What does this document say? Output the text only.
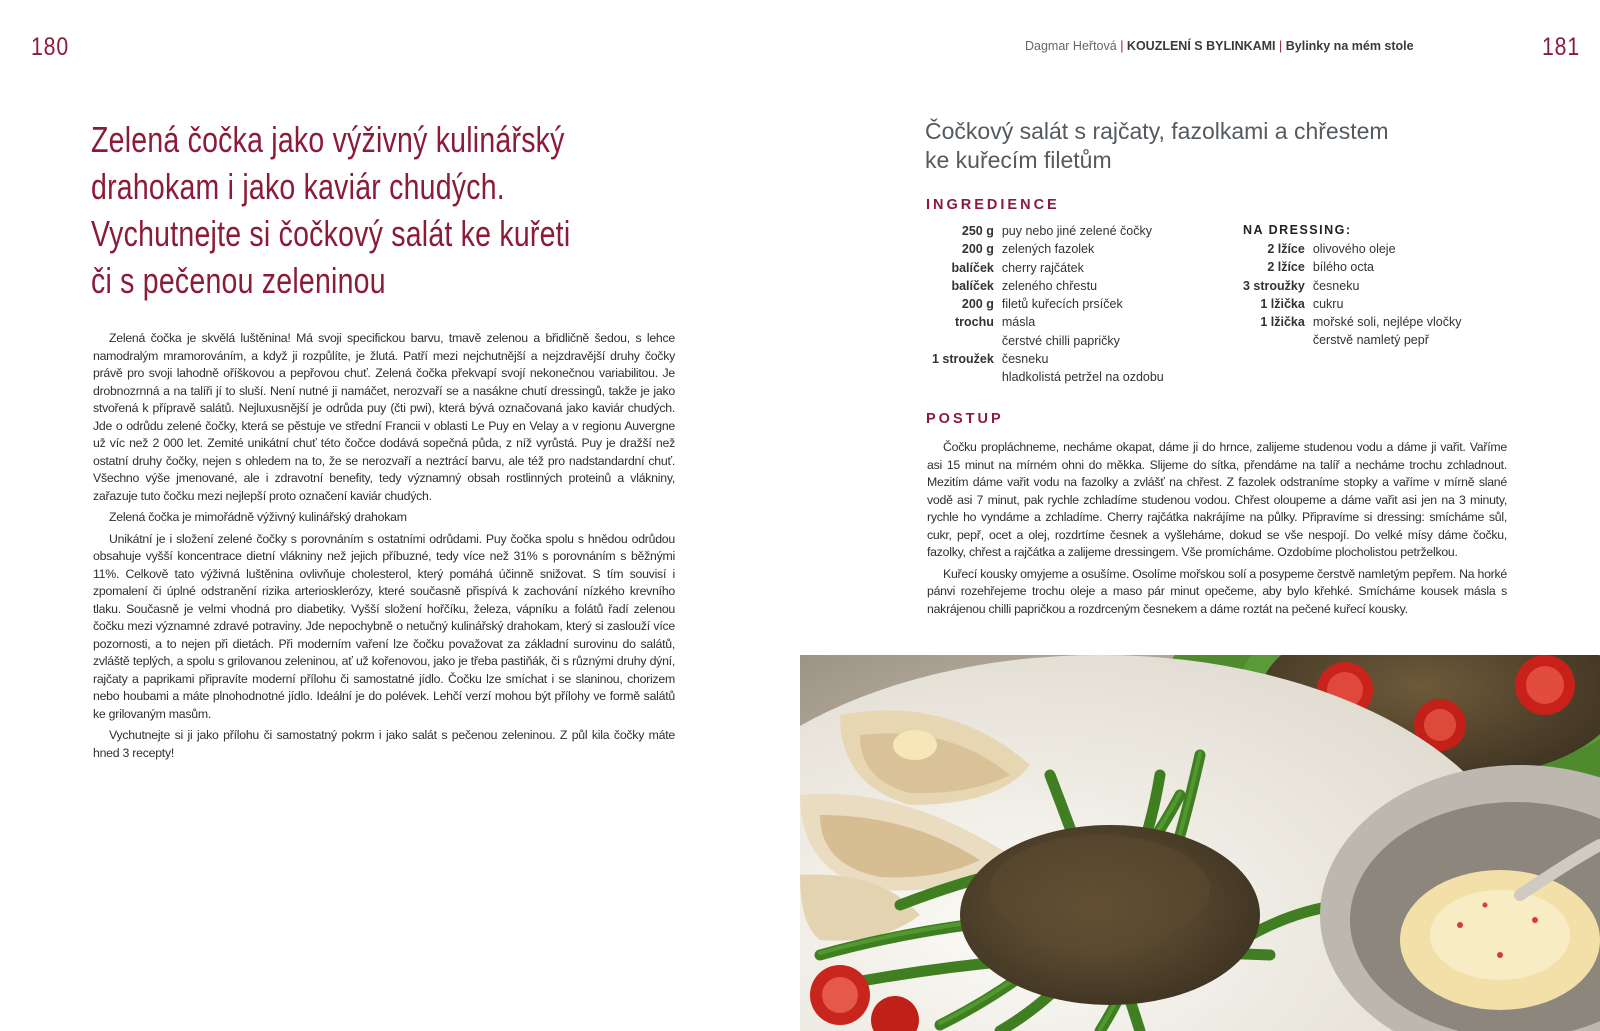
180	181
Dagmar Heřtová | KOUZLENÍ S BYLINKAMI | Bylinky na mém stole
Zelená čočka jako výživný kulinářský
drahokam i jako kaviár chudých.
Vychutnejte si čočkový salát ke kuřeti
či s pečenou zeleninou

Zelená čočka je skvělá luštěnina! Má svoji specifickou barvu, tmavě zelenou a břidličně šedou, s lehce namodralým mramorováním, a když ji rozpůlíte, je žlutá. Patří mezi nejchutnější a nejzdravější druhy čočky právě pro svoji lahodně oříškovou a pepřovou chuť. Zelená čočka překvapí svojí nekonečnou variabilitou. Je drobnozrnná a na talíři jí to sluší. Není nutné ji namáčet, nerozvaří se a nasákne chutí dressingů, takže je jako stvořená k přípravě salátů. Nejluxusnější je odrůda puy (čti pwi), která bývá označovaná jako kaviár chudých. Jde o odrůdu zelené čočky, která se pěstuje ve střední Francii v oblasti Le Puy en Velay a v regionu Auvergne už víc než 2 000 let. Zemité unikátní chuť této čočce dodává sopečná půda, z níž vyrůstá. Puy je dražší než ostatní druhy čočky, nejen s ohledem na to, že se nerozvaří a neztrácí barvu, ale též pro nadstandardní chuť. Všechno výše jmenované, ale i zdravotní benefity, tedy významný obsah rostlinných proteinů a vlákniny, zařazuje tuto čočku mezi nejlepší proto označení kaviár chudých.

Zelená čočka je mimořádně výživný kulinářský drahokam

Unikátní je i složení zelené čočky s porovnáním s ostatními odrůdami. Puy čočka spolu s hnědou odrůdou obsahuje vyšší koncentrace dietní vlákniny než jejich příbuzné, tedy více než 31% s porovnáním s běžnými 11%. Celkově tato výživná luštěnina ovlivňuje cholesterol, který pomáhá účinně snižovat. S tím souvisí i zpomalení či úplné odstranění rizika arteriosklerózy, které současně přispívá k zachování nízkého krevního tlaku. Současně je velmi vhodná pro diabetiky. Vyšší složení hořčíku, železa, vápníku a folátů řadí zelenou čočku mezi významné zdravé potraviny. Jde nepochybně o netučný kulinářský drahokam, který si zaslouží více pozornosti, a to nejen při dietách. Při moderním vaření lze čočku považovat za základní surovinu do salátů, zvláště teplých, a spolu s grilovanou zeleninou, ať už kořenovou, jako je třeba pastiňák, či s různými druhy dýní, rajčaty a paprikami připravíte moderní přílohu či samostatné jídlo. Čočku lze smíchat i se slaninou, chorizem nebo houbami a máte plnohodnotné jídlo. Ideální je do polévek. Lehčí verzí mohou být přílohy ve formě salátů ke grilovaným masům.

Vychutnejte si ji jako přílohu či samostatný pokrm i jako salát s pečenou zeleninou. Z půl kila čočky máte hned 3 recepty!

Čočkový salát s rajčaty, fazolkami a chřestem
ke kuřecím filetům
INGREDIENCE
250 g	puy nebo jiné zelené čočky
200 g	zelených fazolek
balíček	cherry rajčátek
balíček	zeleného chřestu
200 g	filetů kuřecích prsíček
trochu	másla
	čerstvé chilli papričky
1 stroužek	česneku
	hladkolistá petržel na ozdobu
NA DRESSING:
2 lžíce	olivového oleje
2 lžíce	bílého octa
3 stroužky	česneku
1 lžička	cukru
1 lžička	mořské soli, nejlépe vločky
	čerstvě namletý pepř
POSTUP

Čočku propláchneme, necháme okapat, dáme ji do hrnce, zalijeme studenou vodu a dáme ji vařit. Vaříme asi 15 minut na mírném ohni do měkka. Slijeme do sítka, přendáme na talíř a necháme trochu zchladnout. Mezitím dáme vařit vodu na fazolky a zvlášť na chřest. Z fazolek odstraníme stopky a vaříme v mírně slané vodě asi 7 minut, pak rychle zchladíme studenou vodou. Chřest oloupeme a dáme vařit asi jen na 3 minuty, rychle ho vyndáme a zchladíme. Cherry rajčátka nakrájíme na půlky. Připravíme si dressing: smícháme sůl, cukr, pepř, ocet a olej, rozdrtíme česnek a vyšleháme, dokud se vše nespojí. Do velké mísy dáme čočku, fazolky, chřest a rajčátka a zalijeme dressingem. Vše promícháme. Ozdobíme plocholistou petrželkou.

Kuřecí kousky omyjeme a osušíme. Osolíme mořskou solí a posypeme čerstvě namletým pepřem. Na horké pánvi rozehřejeme trochu oleje a maso pár minut opečeme, aby bylo křehké. Smícháme kousek másla s nakrájenou chilli papričkou a rozdrceným česnekem a dáme roztát na pečené kuřecí kousky.
